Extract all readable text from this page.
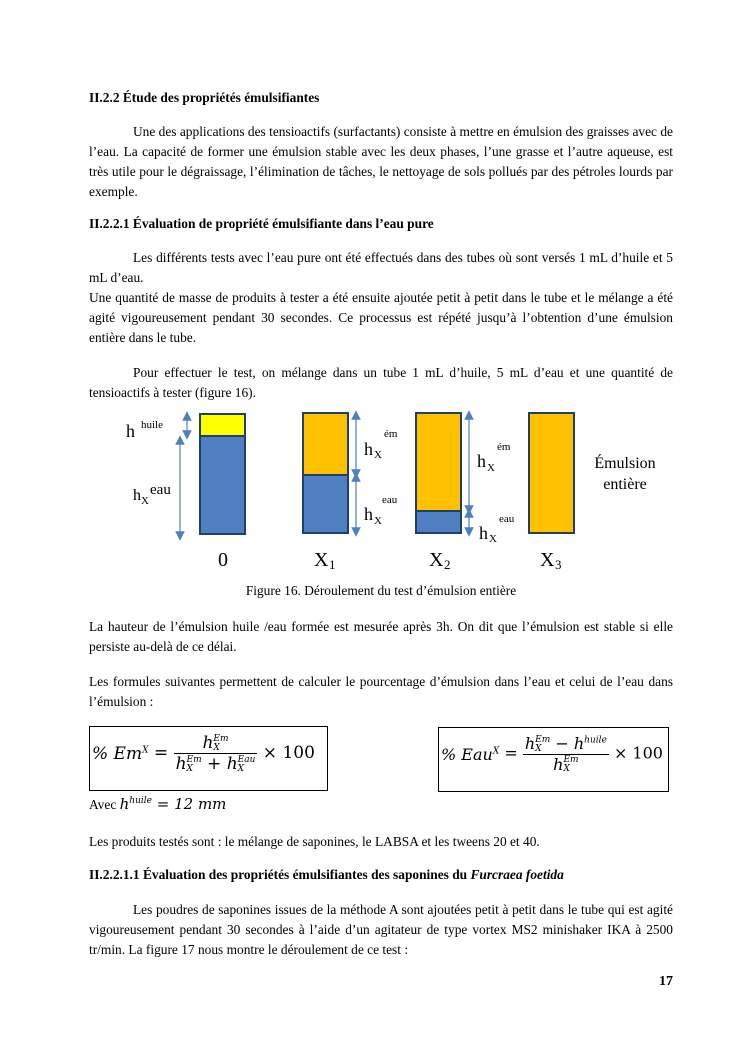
II.2.2 Étude des propriétés émulsifiantes

Une des applications des tensioactifs (surfactants) consiste à mettre en émulsion des graisses avec de l’eau. La capacité de former une émulsion stable avec les deux phases, l’une grasse et l’autre aqueuse, est très utile pour le dégraissage, l’élimination de tâches, le nettoyage de sols pollués par des pétroles lourds par exemple.

II.2.2.1 Évaluation de propriété émulsifiante dans l’eau pure

Les différents tests avec l’eau pure ont été effectués dans des tubes où sont versés 1 mL d’huile et 5 mL d’eau.

Une quantité de masse de produits à tester a été ensuite ajoutée petit à petit dans le tube et le mélange a été agité vigoureusement pendant 30 secondes. Ce processus est répété jusqu’à l’obtention d’une émulsion entière dans le tube.

Pour effectuer le test, on mélange dans un tube 1 mL d’huile, 5 mL d’eau et une quantité de tensioactifs à tester (figure 16).

h huile
h X
eau
ém
h X
eau
h X
ém
h X
eau
h X
Émulsion
entière
0	X 1	X 2	X 3
Figure 16. Déroulement du test d’émulsion entière

La hauteur de l’émulsion huile /eau formée est mesurée après 3h. On dit que l’émulsion est stable si elle persiste au-delà de ce délai.

Les formules suivantes permettent de calculer le pourcentage d’émulsion dans l’eau et celui de l’eau dans l’émulsion :

% $Em^X = h$ Em
X
h Em
X + h Eau
X × 100	% Eau$^X$ = h Em
$X - h^{huile}$
h Em
X × 100
Avec $h^{huile} = 12$ mm

Les produits testés sont : le mélange de saponines, le LABSA et les tweens 20 et 40.

II.2.2.1.1 Évaluation des propriétés émulsifiantes des saponines du Furcraea foetida

Les poudres de saponines issues de la méthode A sont ajoutées petit à petit dans le tube qui est agité vigoureusement pendant 30 secondes à l’aide d’un agitateur de type vortex MS2 minishaker IKA à 2500 tr/min. La figure 17 nous montre le déroulement de ce test :

17
